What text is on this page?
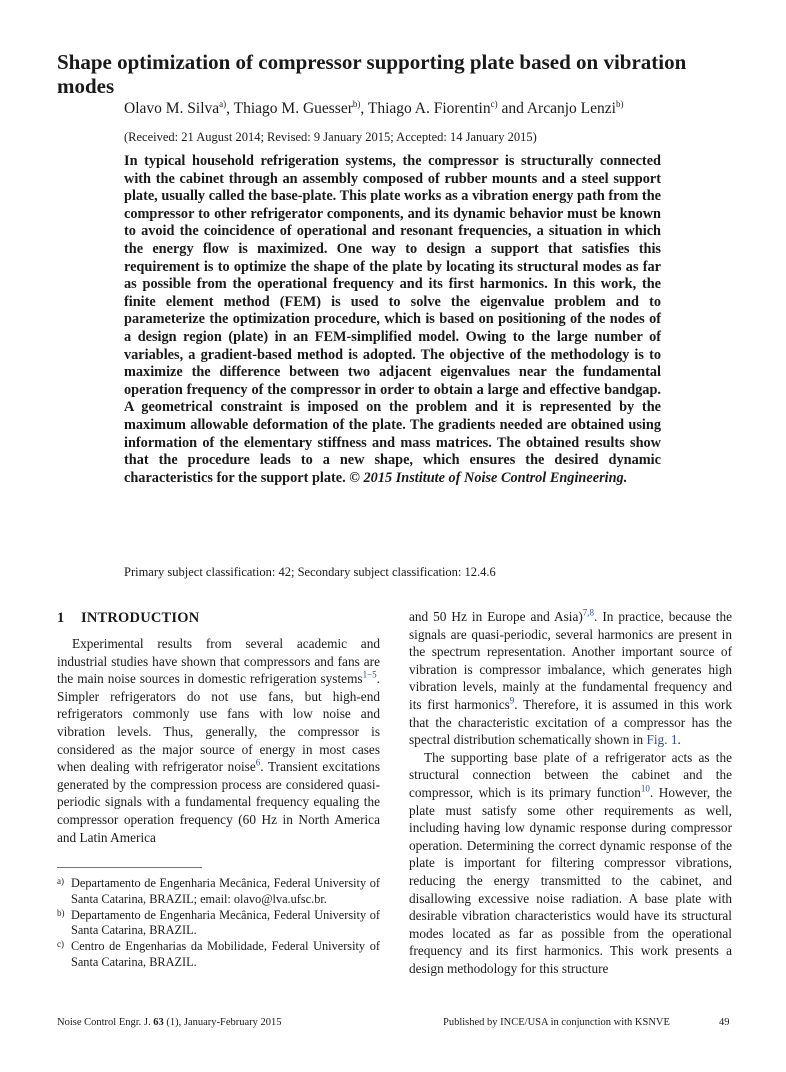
Shape optimization of compressor supporting plate based on vibration modes
Olavo M. Silva$^{a)}$, Thiago M. Guesser$^{b)}$, Thiago A. Fiorentin$^{c)}$ and Arcanjo Lenzi$^{b)}$
(Received: 21 August 2014; Revised: 9 January 2015; Accepted: 14 January 2015)

In typical household refrigeration systems, the compressor is structurally connected with the cabinet through an assembly composed of rubber mounts and a steel support plate, usually called the base-plate. This plate works as a vibration energy path from the compressor to other refrigerator components, and its dynamic behavior must be known to avoid the coincidence of operational and resonant frequencies, a situation in which the energy flow is maximized. One way to design a support that satisfies this requirement is to optimize the shape of the plate by locating its structural modes as far as possible from the operational frequency and its first harmonics. In this work, the finite element method (FEM) is used to solve the eigenvalue problem and to parameterize the optimization procedure, which is based on positioning of the nodes of a design region (plate) in an FEM-simplified model. Owing to the large number of variables, a gradient-based method is adopted. The objective of the methodology is to maximize the difference between two adjacent eigenvalues near the fundamental operation frequency of the compressor in order to obtain a large and effective bandgap. A geometrical constraint is imposed on the problem and it is represented by the maximum allowable deformation of the plate. The gradients needed are obtained using information of the elementary stiffness and mass matrices. The obtained results show that the procedure leads to a new shape, which ensures the desired dynamic characteristics for the support plate. © 2015 Institute of Noise Control Engineering.

Primary subject classification: 42; Secondary subject classification: 12.4.6
1 INTRODUCTION

Experimental results from several academic and industrial studies have shown that compressors and fans are the main noise sources in domestic refrigeration systems$^{1-5}$. Simpler refrigerators do not use fans, but high-end refrigerators commonly use fans with low noise and vibration levels. Thus, generally, the compressor is considered as the major source of energy in most cases when dealing with refrigerator noise$^6$. Transient excitations generated by the compression process are considered quasi-periodic signals with a fundamental frequency equaling the compressor operation frequency (60 Hz in North America and Latin America

and 50 Hz in Europe and Asia)$^{7,8}$. In practice, because the signals are quasi-periodic, several harmonics are present in the spectrum representation. Another important source of vibration is compressor imbalance, which generates high vibration levels, mainly at the fundamental frequency and its first harmonics$^9$. Therefore, it is assumed in this work that the characteristic excitation of a compressor has the spectral distribution schematically shown in Fig. 1.

The supporting base plate of a refrigerator acts as the structural connection between the cabinet and the compressor, which is its primary function$^{10}$. However, the plate must satisfy some other requirements as well, including having low dynamic response during compressor operation. Determining the correct dynamic response of the plate is important for filtering compressor vibrations, reducing the energy transmitted to the cabinet, and disallowing excessive noise radiation. A base plate with desirable vibration characteristics would have its structural modes located as far as possible from the operational frequency and its first harmonics. This work presents a design methodology for this structure

a) Departamento de Engenharia Mecânica, Federal University of Santa Catarina, BRAZIL; email: olavo@lva.ufsc.br.

b) Departamento de Engenharia Mecânica, Federal University of Santa Catarina, BRAZIL.

c) Centro de Engenharias da Mobilidade, Federal University of Santa Catarina, BRAZIL.

Noise Control Engr. J. 63 (1), January-February 2015	Published by INCE/USA in conjunction with KSNVE	49
